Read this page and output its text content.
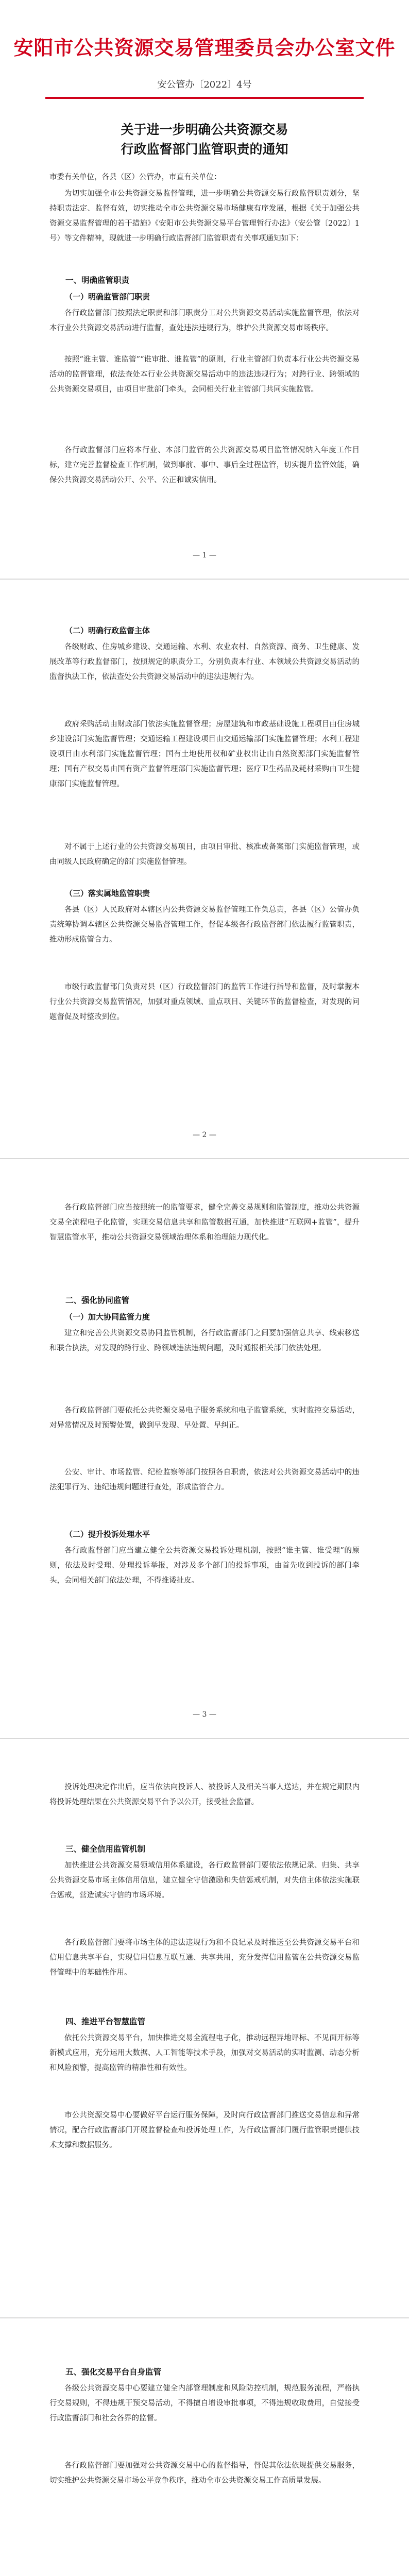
安阳市公共资源交易管理委员会办公室文件
安公管办〔2022〕4号
关于进一步明确公共资源交易
行政监督部门监管职责的通知
市委有关单位，各县（区）公管办，市直有关单位：
为切实加强全市公共资源交易监督管理，进一步明确公共资源交易行政监督职责划分，坚持职责法定、监督有效，切实推动全市公共资源交易市场健康有序发展，根据《关于加强公共资源交易监督管理的若干措施》《安阳市公共资源交易平台管理暂行办法》（安公管〔2022〕1号）等文件精神，现就进一步明确行政监督部门监管职责有关事项通知如下：
一、明确监管职责
（一）明确监管部门职责
各行政监督部门按照法定职责和部门职责分工对公共资源交易活动实施监督管理，依法对本行业公共资源交易活动进行监督，查处违法违规行为，维护公共资源交易市场秩序。
按照“谁主管、谁监管”“谁审批、谁监管”的原则，行业主管部门负责本行业公共资源交易活动的监督管理，依法查处本行业公共资源交易活动中的违法违规行为；对跨行业、跨领域的公共资源交易项目，由项目审批部门牵头，会同相关行业主管部门共同实施监管。
各行政监督部门应将本行业、本部门监管的公共资源交易项目监管情况纳入年度工作目标，建立完善监督检查工作机制，做到事前、事中、事后全过程监管，切实提升监管效能，确保公共资源交易活动公开、公平、公正和诚实信用。
— 1 —
（二）明确行政监督主体
各级财政、住房城乡建设、交通运输、水利、农业农村、自然资源、商务、卫生健康、发展改革等行政监督部门，按照规定的职责分工，分别负责本行业、本领域公共资源交易活动的监督执法工作，依法查处公共资源交易活动中的违法违规行为。
政府采购活动由财政部门依法实施监督管理；房屋建筑和市政基础设施工程项目由住房城乡建设部门实施监督管理；交通运输工程建设项目由交通运输部门实施监督管理；水利工程建设项目由水利部门实施监督管理；国有土地使用权和矿业权出让由自然资源部门实施监督管理；国有产权交易由国有资产监督管理部门实施监督管理；医疗卫生药品及耗材采购由卫生健康部门实施监督管理。
对不属于上述行业的公共资源交易项目，由项目审批、核准或备案部门实施监督管理，或由同级人民政府确定的部门实施监督管理。
（三）落实属地监管职责
各县（区）人民政府对本辖区内公共资源交易监督管理工作负总责，各县（区）公管办负责统筹协调本辖区公共资源交易监督管理工作，督促本级各行政监督部门依法履行监管职责，推动形成监管合力。
市级行政监督部门负责对县（区）行政监督部门的监管工作进行指导和监督，及时掌握本行业公共资源交易监管情况，加强对重点领域、重点项目、关键环节的监督检查，对发现的问题督促及时整改到位。
— 2 —
各行政监督部门应当按照统一的监管要求，健全完善交易规则和监管制度，推动公共资源交易全流程电子化监管，实现交易信息共享和监管数据互通，加快推进“互联网+监管”，提升智慧监管水平，推动公共资源交易领域治理体系和治理能力现代化。
二、强化协同监管
（一）加大协同监管力度
建立和完善公共资源交易协同监管机制，各行政监督部门之间要加强信息共享、线索移送和联合执法，对发现的跨行业、跨领域违法违规问题，及时通报相关部门依法处理。
各行政监督部门要依托公共资源交易电子服务系统和电子监管系统，实时监控交易活动，对异常情况及时预警处置，做到早发现、早处置、早纠正。
公安、审计、市场监管、纪检监察等部门按照各自职责，依法对公共资源交易活动中的违法犯罪行为、违纪违规问题进行查处，形成监管合力。
（二）提升投诉处理水平
各行政监督部门应当建立健全公共资源交易投诉处理机制，按照“谁主管、谁受理”的原则，依法及时受理、处理投诉举报，对涉及多个部门的投诉事项，由首先收到投诉的部门牵头，会同相关部门依法处理，不得推诿扯皮。
— 3 —
投诉处理决定作出后，应当依法向投诉人、被投诉人及相关当事人送达，并在规定期限内将投诉处理结果在公共资源交易平台予以公开，接受社会监督。
三、健全信用监管机制
加快推进公共资源交易领域信用体系建设，各行政监督部门要依法依规记录、归集、共享公共资源交易市场主体信用信息，建立健全守信激励和失信惩戒机制，对失信主体依法实施联合惩戒，营造诚实守信的市场环境。
各行政监督部门要将市场主体的违法违规行为和不良记录及时推送至公共资源交易平台和信用信息共享平台，实现信用信息互联互通、共享共用，充分发挥信用监管在公共资源交易监督管理中的基础性作用。
四、推进平台智慧监管
依托公共资源交易平台，加快推进交易全流程电子化，推动远程异地评标、不见面开标等新模式应用，充分运用大数据、人工智能等技术手段，加强对交易活动的实时监测、动态分析和风险预警，提高监管的精准性和有效性。
市公共资源交易中心要做好平台运行服务保障，及时向行政监督部门推送交易信息和异常情况，配合行政监督部门开展监督检查和投诉处理工作，为行政监督部门履行监管职责提供技术支撑和数据服务。
五、强化交易平台自身监管
各级公共资源交易中心要建立健全内部管理制度和风险防控机制，规范服务流程，严格执行交易规则，不得违规干预交易活动，不得擅自增设审批事项，不得违规收取费用，自觉接受行政监督部门和社会各界的监督。
各行政监督部门要加强对公共资源交易中心的监督指导，督促其依法依规提供交易服务，切实维护公共资源交易市场公平竞争秩序，推动全市公共资源交易工作高质量发展。
